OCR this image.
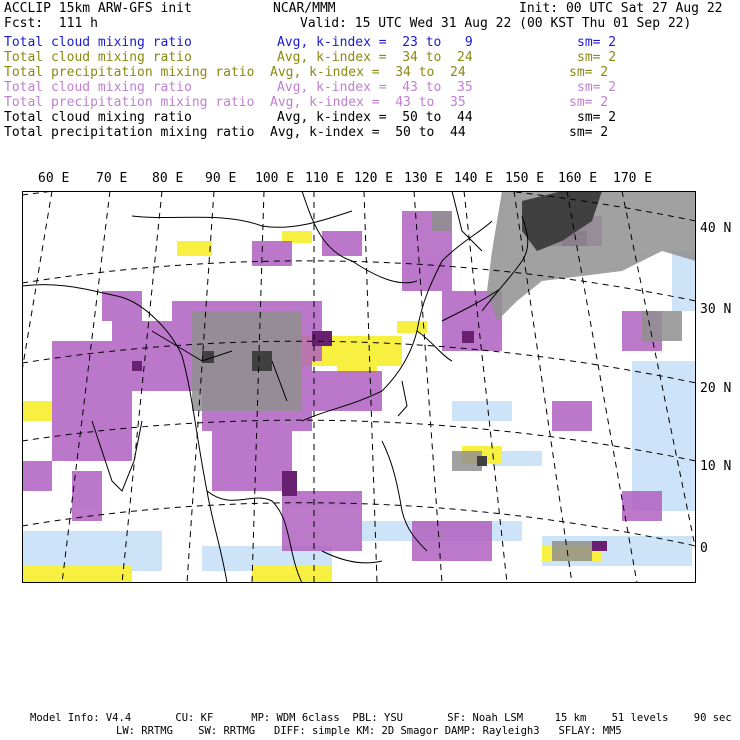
ACCLIP 15km ARW-GFS init	NCAR/MMM	Init: 00 UTC Sat 27 Aug 22
Fcst:  111 h	Valid: 15 UTC Wed 31 Aug 22 (00 KST Thu 01 Sep 22)
Total cloud mixing ratio	Avg, k-index =  23 to   9	sm= 2
Total cloud mixing ratio	Avg, k-index =  34 to  24	sm= 2
Total precipitation mixing ratio Avg, k-index =  34 to  24	sm= 2
Total cloud mixing ratio	Avg, k-index =  43 to  35	sm= 2
Total precipitation mixing ratio Avg, k-index =  43 to  35	sm= 2
Total cloud mixing ratio	Avg, k-index =  50 to  44	sm= 2
Total precipitation mixing ratio Avg, k-index =  50 to  44	sm= 2
60 E 70 E 80 E 90 E 100 E 110 E 120 E 130 E 140 E 150 E 160 E 170 E
40 N
30 N
20 N
10 N
0
Model Info: V4.4       CU: KF      MP: WDM 6class  PBL: YSU       SF: Noah LSM     15 km    51 levels    90 sec
LW: RRTMG    SW: RRTMG   DIFF: simple KM: 2D Smagor DAMP: Rayleigh3   SFLAY: MM5
